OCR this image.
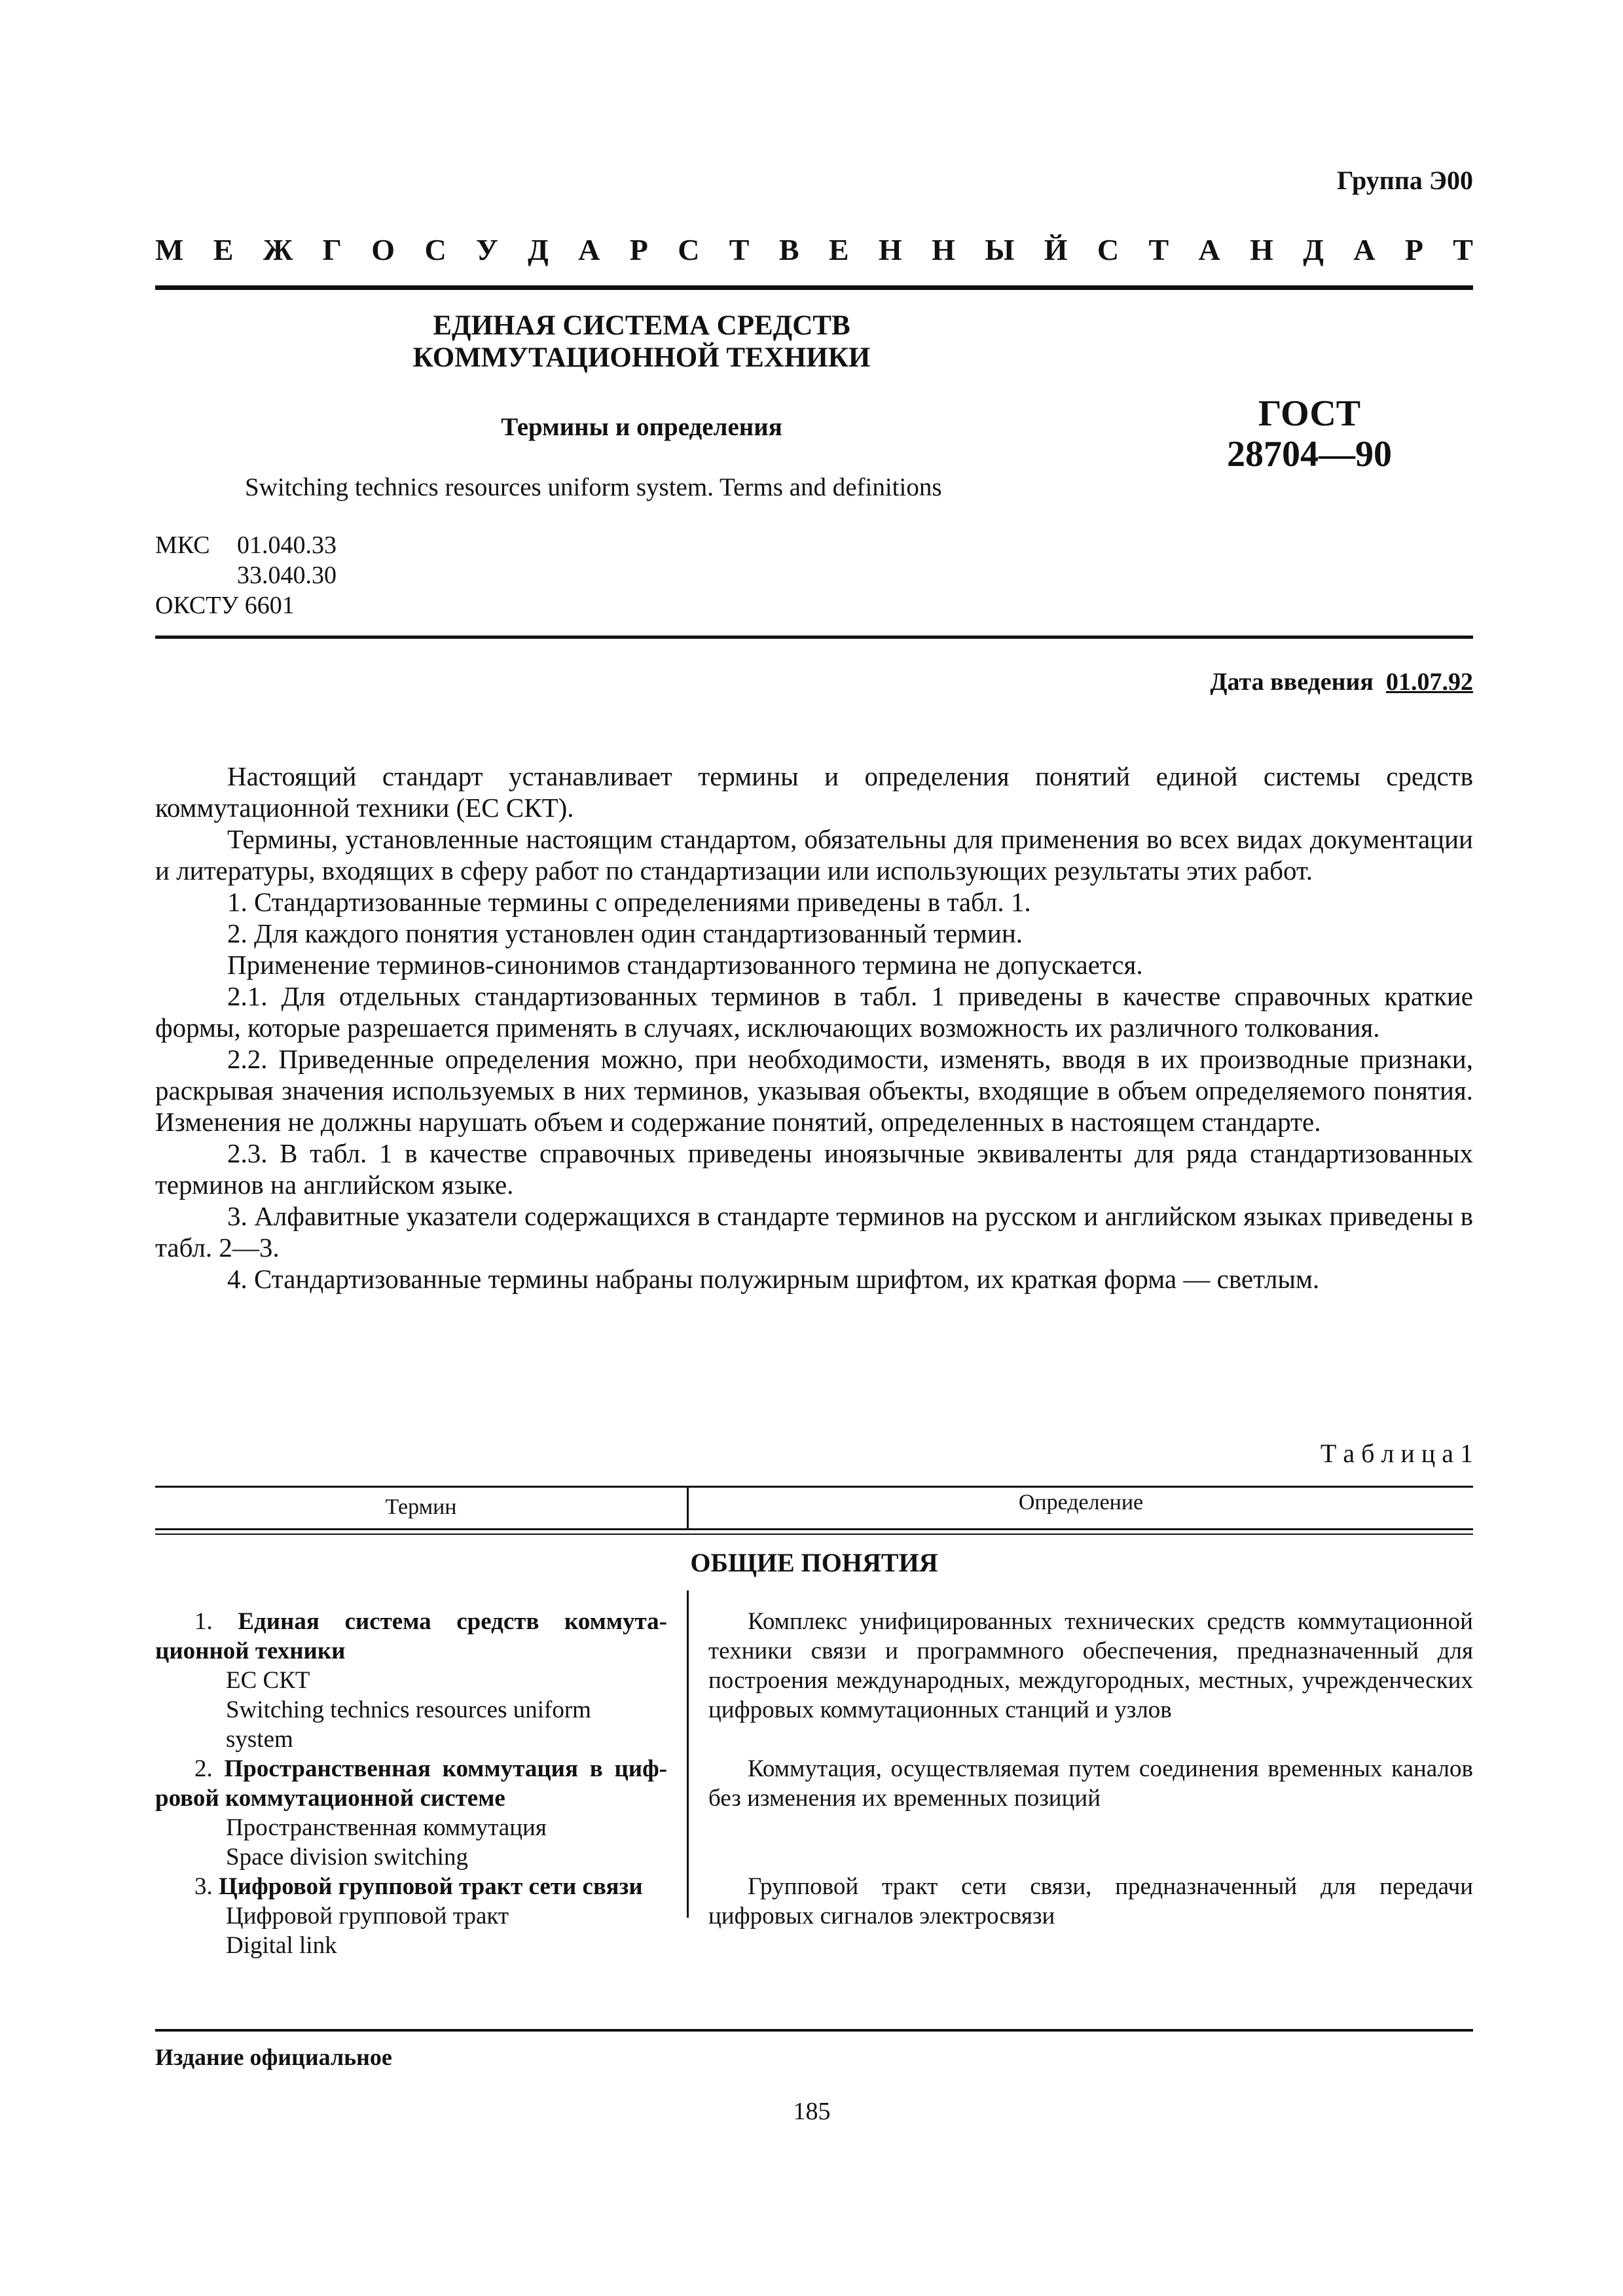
Группа Э00
М Е Ж Г О С У Д А Р С Т В Е Н Н Ы Й С Т А Н Д А Р Т
ЕДИНАЯ СИСТЕМА СРЕДСТВ
КОММУТАЦИОННОЙ ТЕХНИКИ
Термины и определения
Switching technics resources uniform system. Terms and definitions
ГОСТ
28704—90
МКС 01.040.33
33.040.30
ОКСТУ 6601
Дата введения 01.07.92

Настоящий стандарт устанавливает термины и определения понятий единой системы средств коммутационной техники (ЕС СКТ).

Термины, установленные настоящим стандартом, обязательны для применения во всех видах документации и литературы, входящих в сферу работ по стандартизации или использующих результаты этих работ.

1. Стандартизованные термины с определениями приведены в табл. 1.

2. Для каждого понятия установлен один стандартизованный термин.

Применение терминов-синонимов стандартизованного термина не допускается.

2.1. Для отдельных стандартизованных терминов в табл. 1 приведены в качестве справочных краткие формы, которые разрешается применять в случаях, исключающих возможность их различного толкования.

2.2. Приведенные определения можно, при необходимости, изменять, вводя в их производные признаки, раскрывая значения используемых в них терминов, указывая объекты, входящие в объем определяемого понятия. Изменения не должны нарушать объем и содержание понятий, определенных в настоящем стандарте.

2.3. В табл. 1 в качестве справочных приведены иноязычные эквиваленты для ряда стандартизованных терминов на английском языке.

3. Алфавитные указатели содержащихся в стандарте терминов на русском и английском языках приведены в табл. 2—3.

4. Стандартизованные термины набраны полужирным шрифтом, их краткая форма — светлым.

Т а б л и ц а 1
Термин	Определение
ОБЩИЕ ПОНЯТИЯ
1. Единая система средств коммута-
ционной техники
ЕС СКТ
Switching technics resources uniform
system
Комплекс унифицированных технических средств коммутационной техники связи и программного обеспечения, предназначенный для построения международных, междугородных, местных, учрежденческих цифровых коммутационных станций и узлов
2. Пространственная коммутация в циф-
ровой коммутационной системе
Пространственная коммутация
Space division switching
Коммутация, осуществляемая путем соединения временных каналов без изменения их временных позиций
3. Цифровой групповой тракт сети связи
Цифровой групповой тракт
Digital link
Групповой тракт сети связи, предназначенный для передачи цифровых сигналов электросвязи
Издание официальное
185
